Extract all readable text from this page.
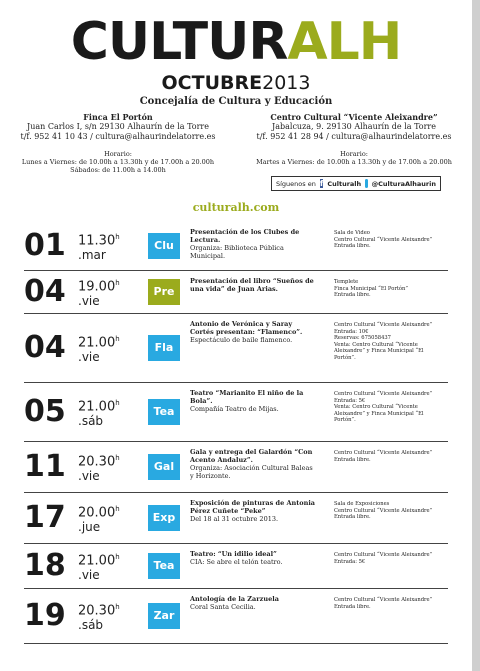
CULTURALH
OCTUBRE2013
Concejalía de Cultura y Educación
Finca El Portón
Juan Carlos I, s/n 29130 Alhaurín de la Torre
t/f. 952 41 10 43 / cultura@alhaurindelatorre.es
Centro Cultural “Vicente Aleixandre”
Jabalcuza, 9. 29130 Alhaurín de la Torre
t/f. 952 41 28 94 / cultura@alhaurindelatorre.es
Horario:
Lunes a Viernes: de 10.00h a 13.30h y de 17.00h a 20.00h
Sábados: de 11.00h a 14.00h
Horario:
Martes a Viernes: de 10.00h a 13.30h y de 17.00h a 20.00h
Síguenos en f Culturalh @CulturaAlhaurin
culturalh.com
01 11.30$^h$
.mar
Clu
Presentación de los Clubes de Lectura.
Organiza: Biblioteca Pública Municipal.
Sala de Video
Centro Cultural “Vicente Aleixandre”
Entrada libre.
04 19.00$^h$
.vie
Pre
Presentación del libro “Sueños de una vida” de Juan Arias.
Templete
Finca Municipal “El Portón”
Entrada libre.
04 21.00$^h$
.vie
Fla
Antonio de Verónica y Saray Cortés presentan: “Flamenco”.
Espectáculo de baile flamenco.
Centro Cultural “Vicente Aleixandre”
Entrada: 10€
Reservas: 675058437
Venta: Centro Cultural “Vicente Aleixandre” y Finca Municipal “El Portón”.
05 21.00$^h$
.sáb
Tea
Teatro “Marianito El niño de la Bola”.
Compañía Teatro de Mijas.
Centro Cultural “Vicente Aleixandre”
Entrada: 5€
Venta: Centro Cultural “Vicente Aleixandre” y Finca Municipal “El Portón”.
11 20.30$^h$
.vie
Gal
Gala y entrega del Galardón “Con Acento Andaluz”.
Organiza: Asociación Cultural Baleas y Horizonte.
Centro Cultural “Vicente Aleixandre”
Entrada libre.
17 20.00$^h$
.jue
Exp
Exposición de pinturas de Antonia Pérez Cuñete “Peke”
Del 18 al 31 octubre 2013.
Sala de Exposiciones
Centro Cultural “Vicente Aleixandre”
Entrada libre.
18 21.00$^h$
.vie
Tea
Teatro: “Un idilio ideal”
CIA: Se abre el telón teatro.
Centro Cultural “Vicente Aleixandre”
Entrada: 5€
19 20.30$^h$
.sáb
Zar
Antología de la Zarzuela
Coral Santa Cecilia.
Centro Cultural “Vicente Aleixandre”
Entrada libre.
